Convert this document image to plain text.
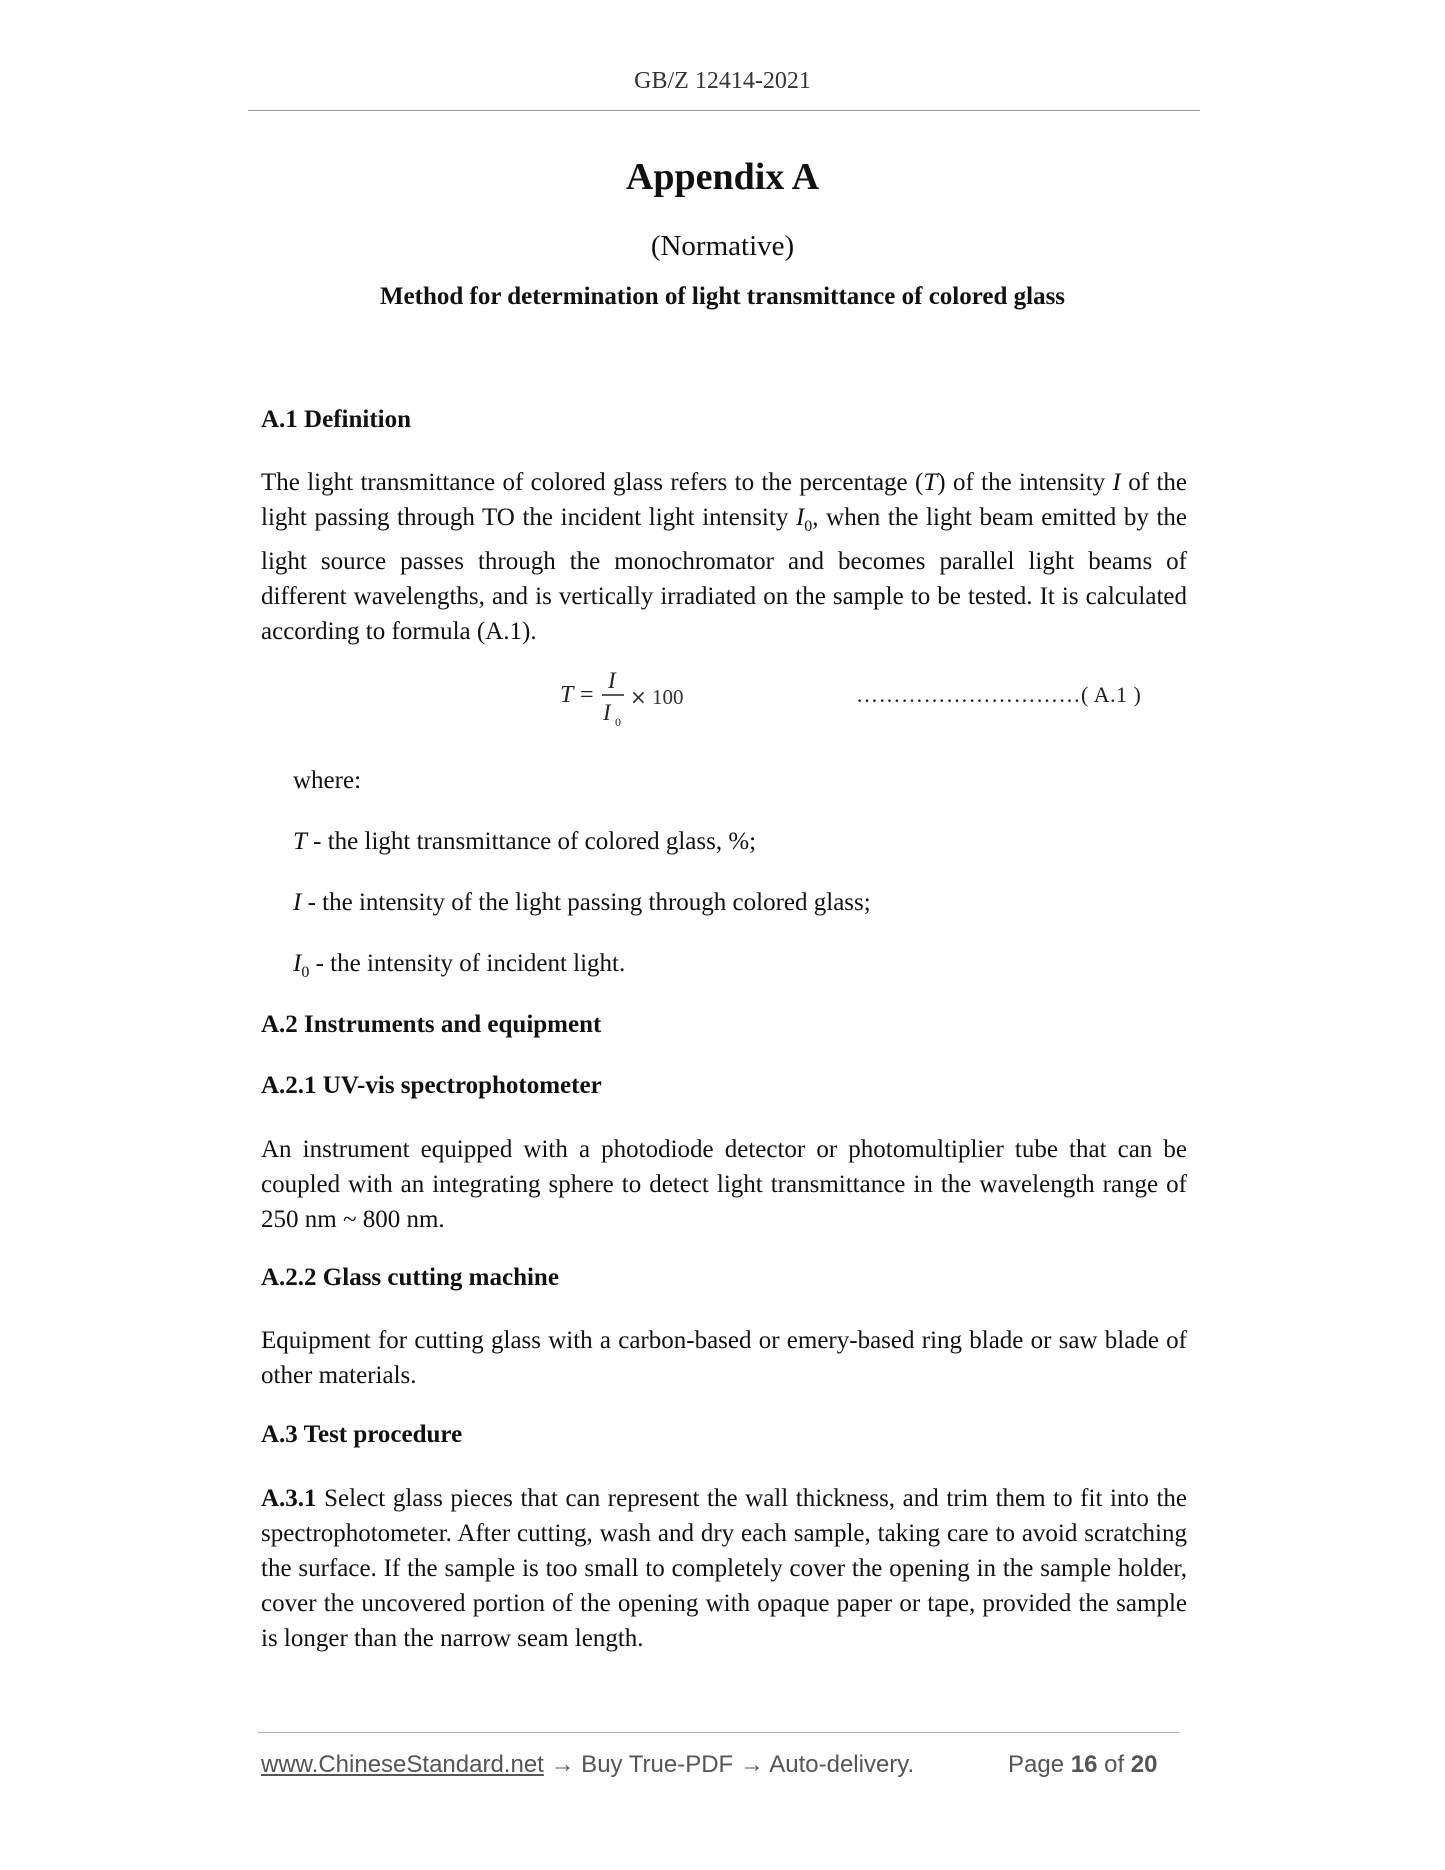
GB/Z 12414-2021
Appendix A
(Normative)
Method for determination of light transmittance of colored glass
A.1 Definition
The light transmittance of colored glass refers to the percentage (T) of the intensity I of the light passing through TO the incident light intensity $I_0$, when the light beam emitted by the light source passes through the monochromator and becomes parallel light beams of different wavelengths, and is vertically irradiated on the sample to be tested. It is calculated according to formula (A.1).
T =
I
I 0
× 100	…………………………( A.1 )
where:
T - the light transmittance of colored glass, %;
I - the intensity of the light passing through colored glass;
$I_0$ - the intensity of incident light.
A.2 Instruments and equipment
A.2.1 UV-vis spectrophotometer
An instrument equipped with a photodiode detector or photomultiplier tube that can be coupled with an integrating sphere to detect light transmittance in the wavelength range of 250 nm ~ 800 nm.
A.2.2 Glass cutting machine
Equipment for cutting glass with a carbon-based or emery-based ring blade or saw blade of other materials.
A.3 Test procedure
A.3.1 Select glass pieces that can represent the wall thickness, and trim them to fit into the spectrophotometer. After cutting, wash and dry each sample, taking care to avoid scratching the surface. If the sample is too small to completely cover the opening in the sample holder, cover the uncovered portion of the opening with opaque paper or tape, provided the sample is longer than the narrow seam length.
www.ChineseStandard.net → Buy True-PDF → Auto-delivery.	Page 16 of 20
